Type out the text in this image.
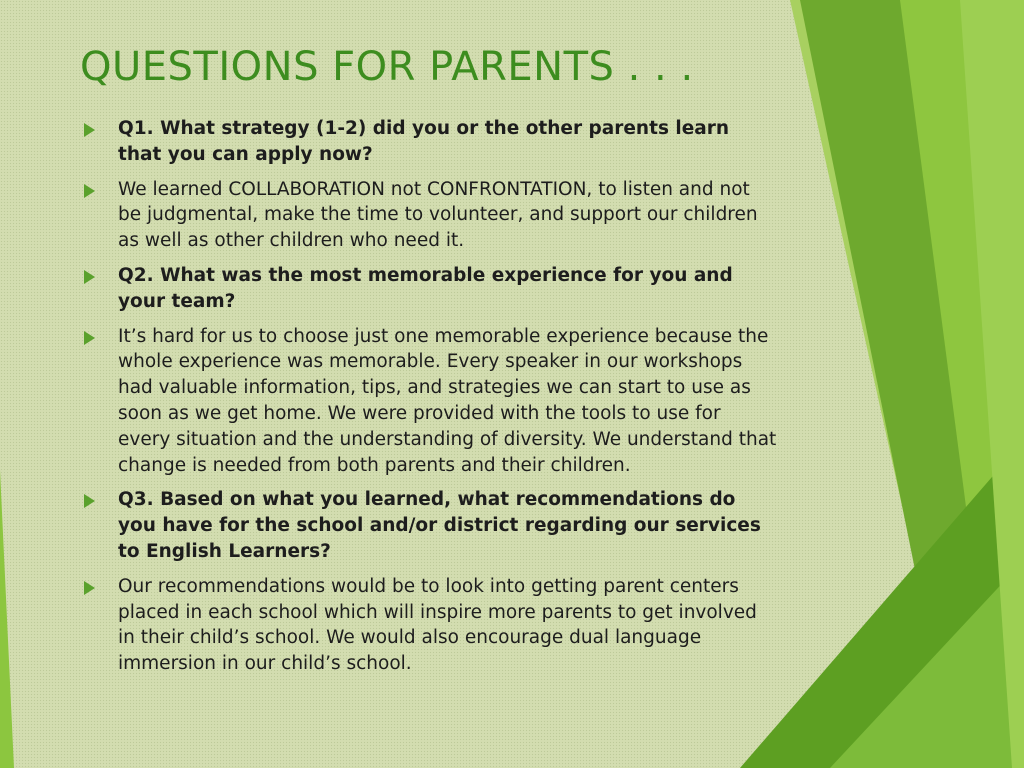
QUESTIONS FOR PARENTS . . .
Q1. What strategy (1-2) did you or the other parents learn that you can apply now?
We learned COLLABORATION not CONFRONTATION, to listen and not be judgmental, make the time to volunteer, and support our children as well as other children who need it.
Q2. What was the most memorable experience for you and your team?
It’s hard for us to choose just one memorable experience because the whole experience was memorable. Every speaker in our workshops had valuable information, tips, and strategies we can start to use as soon as we get home. We were provided with the tools to use for every situation and the understanding of diversity. We understand that change is needed from both parents and their children.
Q3. Based on what you learned, what recommendations do you have for the school and/or district regarding our services to English Learners?
Our recommendations would be to look into getting parent centers placed in each school which will inspire more parents to get involved in their child’s school. We would also encourage dual language immersion in our child’s school.
